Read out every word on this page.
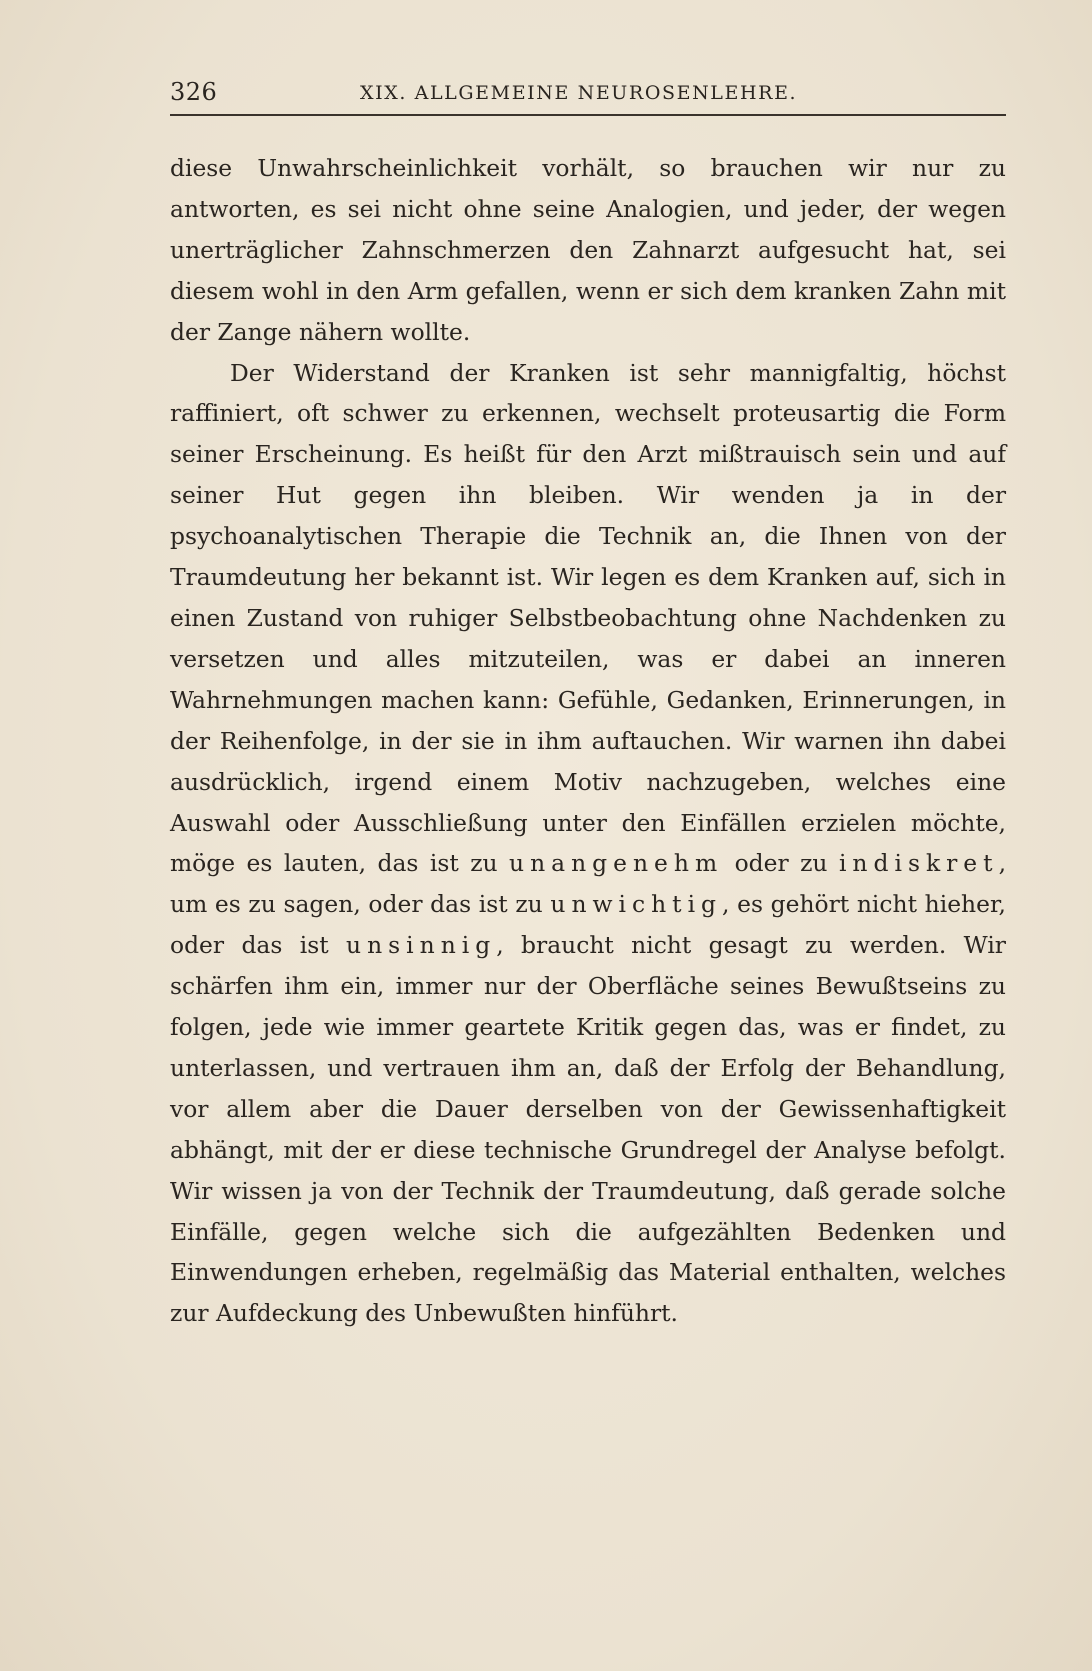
326	XIX. ALLGEMEINE NEUROSENLEHRE.

diese Unwahrscheinlichkeit vorhält, so brauchen wir nur zu antworten, es sei nicht ohne seine Analogien, und jeder, der wegen unerträglicher Zahnschmerzen den Zahnarzt aufgesucht hat, sei diesem wohl in den Arm gefallen, wenn er sich dem kranken Zahn mit der Zange nähern wollte.

Der Widerstand der Kranken ist sehr mannigfaltig, höchst raffiniert, oft schwer zu erkennen, wechselt proteusartig die Form seiner Erscheinung. Es heißt für den Arzt mißtrauisch sein und auf seiner Hut gegen ihn bleiben. Wir wenden ja in der psychoanalytischen Therapie die Technik an, die Ihnen von der Traumdeutung her bekannt ist. Wir legen es dem Kranken auf, sich in einen Zustand von ruhiger Selbstbeobachtung ohne Nachdenken zu versetzen und alles mitzuteilen, was er dabei an inneren Wahrnehmungen machen kann: Gefühle, Gedanken, Erinnerungen, in der Reihenfolge, in der sie in ihm auftauchen. Wir warnen ihn dabei ausdrücklich, irgend einem Motiv nachzugeben, welches eine Auswahl oder Ausschließung unter den Einfällen erzielen möchte, möge es lauten, das ist zu unangenehm oder zu indiskret, um es zu sagen, oder das ist zu unwichtig, es gehört nicht hieher, oder das ist unsinnig, braucht nicht gesagt zu werden. Wir schärfen ihm ein, immer nur der Oberfläche seines Bewußtseins zu folgen, jede wie immer geartete Kritik gegen das, was er findet, zu unterlassen, und vertrauen ihm an, daß der Erfolg der Behandlung, vor allem aber die Dauer derselben von der Gewissenhaftigkeit abhängt, mit der er diese technische Grundregel der Analyse befolgt. Wir wissen ja von der Technik der Traumdeutung, daß gerade solche Einfälle, gegen welche sich die aufgezählten Bedenken und Einwendungen erheben, regelmäßig das Material enthalten, welches zur Aufdeckung des Unbewußten hinführt.
